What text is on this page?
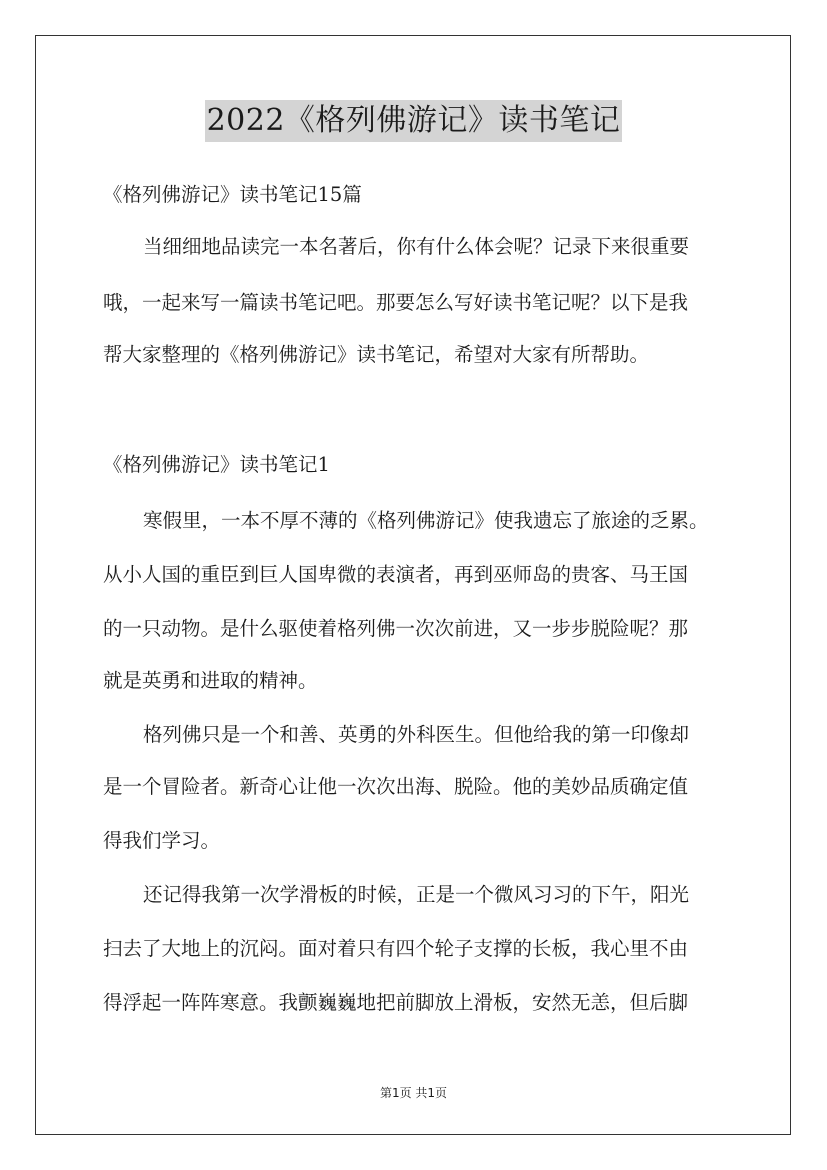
2022《格列佛游记》读书笔记
《格列佛游记》读书笔记15篇
当细细地品读完一本名著后，你有什么体会呢？记录下来很重要
哦，一起来写一篇读书笔记吧。那要怎么写好读书笔记呢？以下是我
帮大家整理的《格列佛游记》读书笔记，希望对大家有所帮助。
《格列佛游记》读书笔记1
寒假里，一本不厚不薄的《格列佛游记》使我遗忘了旅途的乏累。
从小人国的重臣到巨人国卑微的表演者，再到巫师岛的贵客、马王国
的一只动物。是什么驱使着格列佛一次次前进，又一步步脱险呢？那
就是英勇和进取的精神。
格列佛只是一个和善、英勇的外科医生。但他给我的第一印像却
是一个冒险者。新奇心让他一次次出海、脱险。他的美妙品质确定值
得我们学习。
还记得我第一次学滑板的时候，正是一个微风习习的下午，阳光
扫去了大地上的沉闷。面对着只有四个轮子支撑的长板，我心里不由
得浮起一阵阵寒意。我颤巍巍地把前脚放上滑板，安然无恙，但后脚
第1页 共1页
